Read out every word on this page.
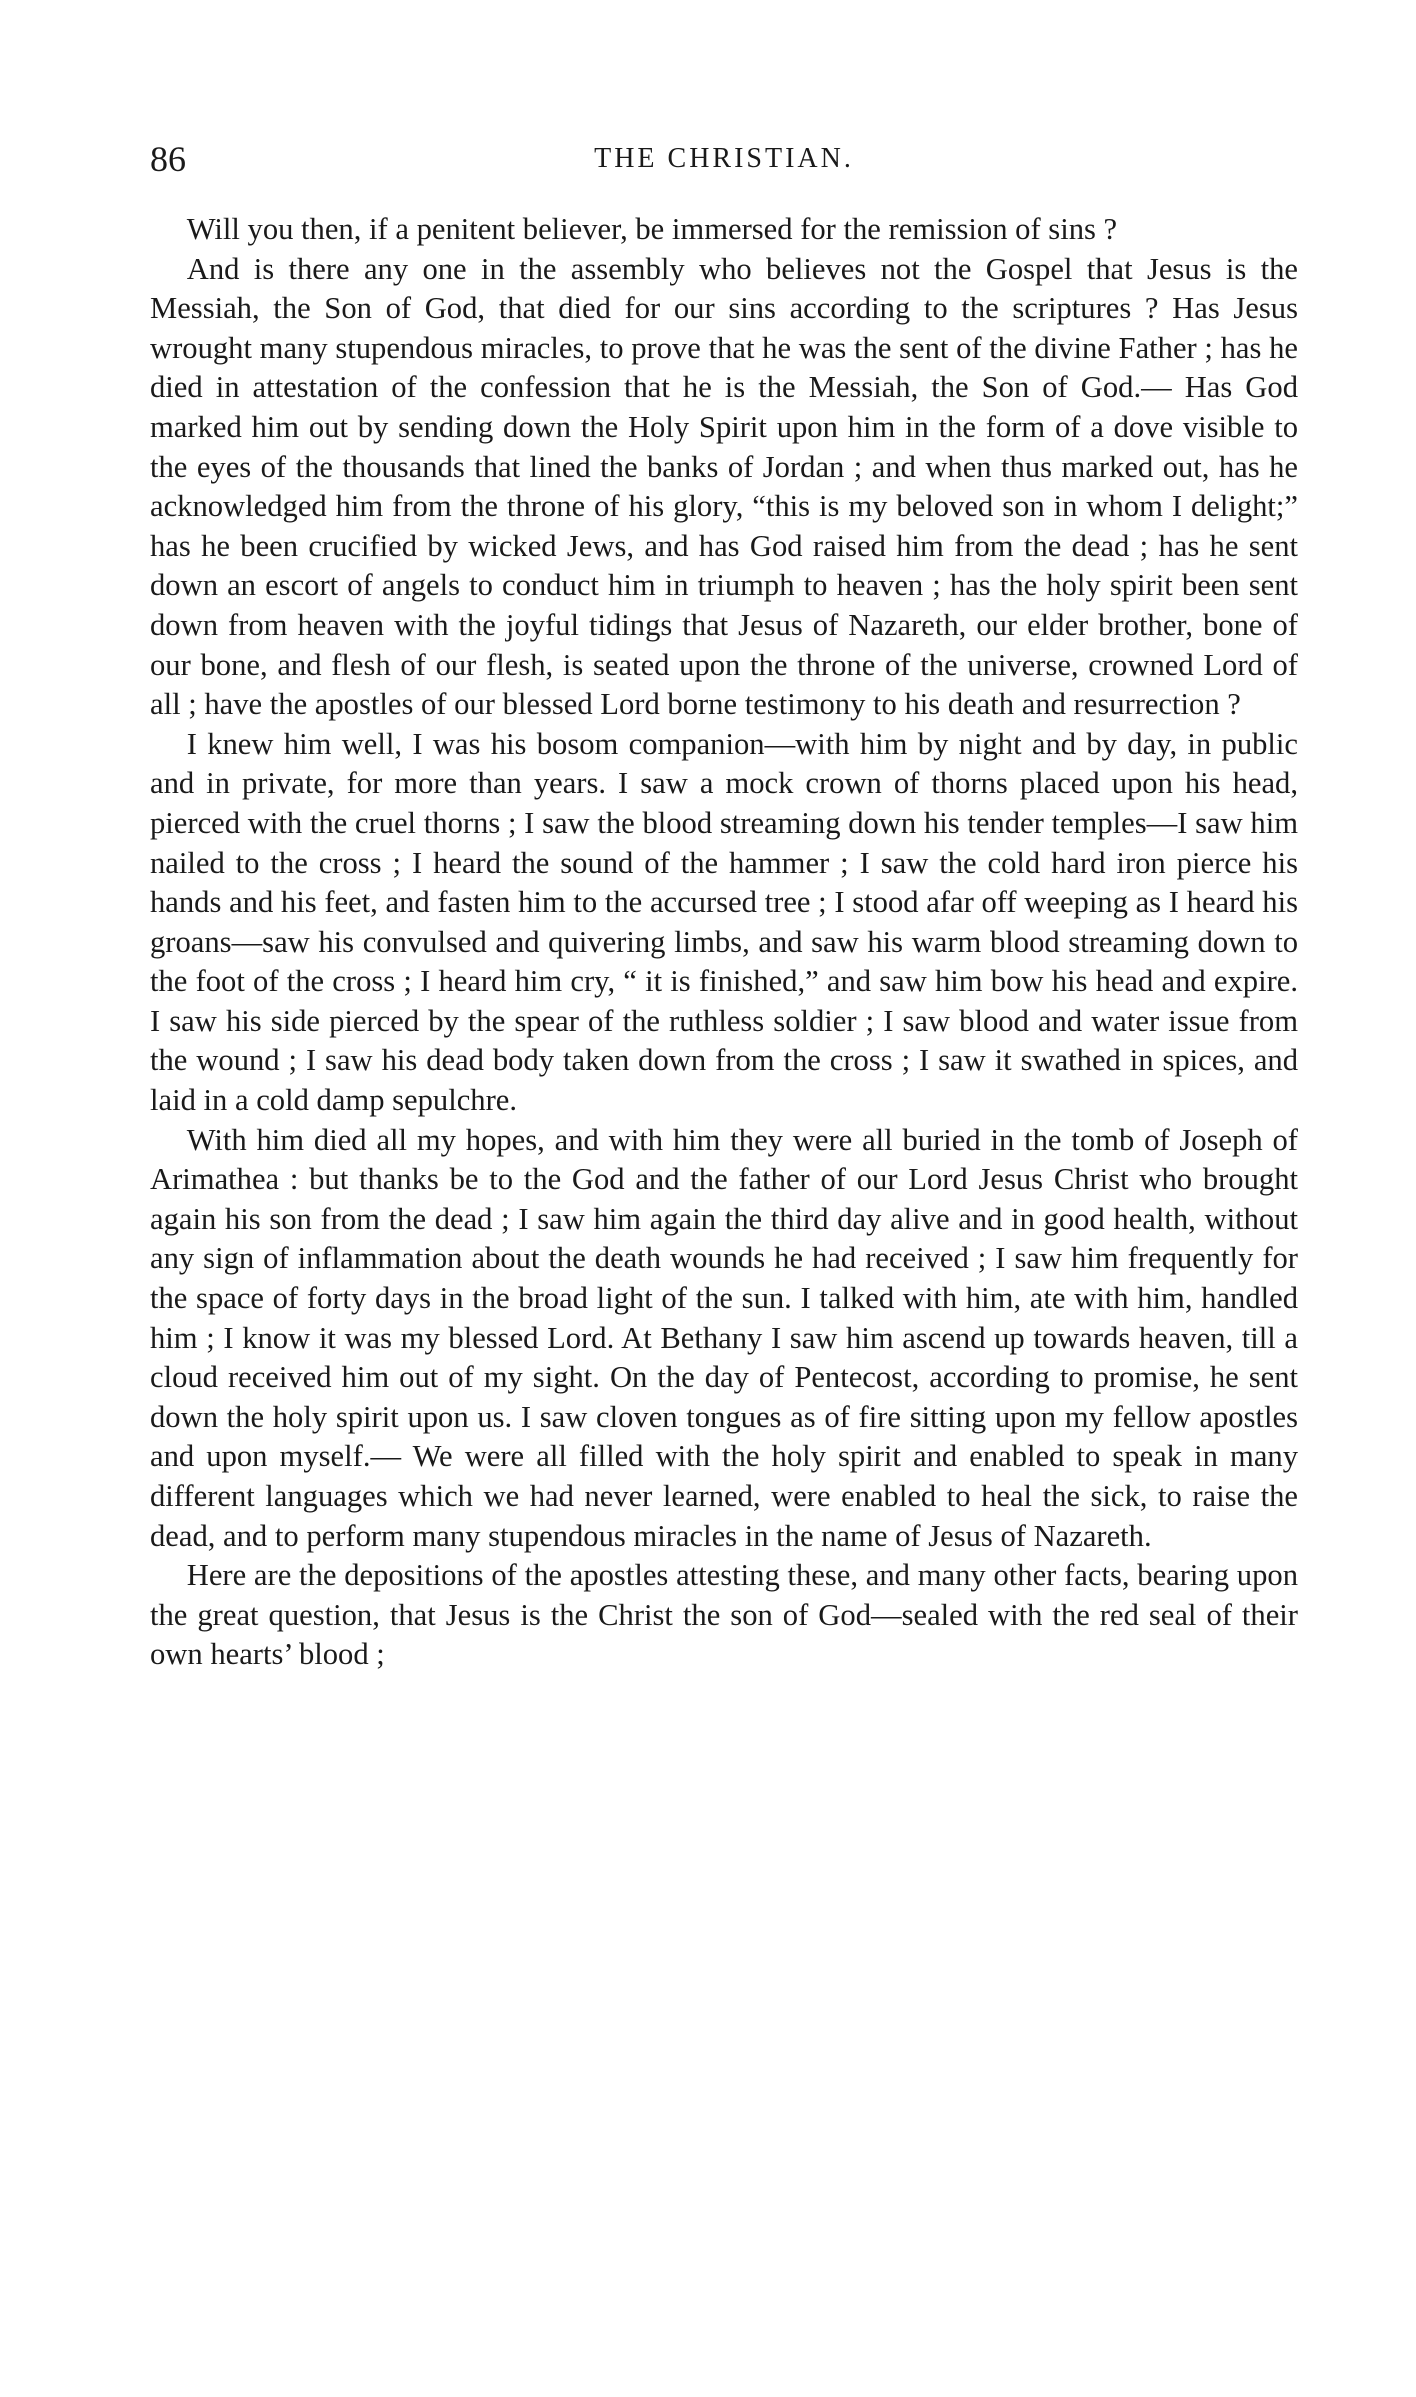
86	THE CHRISTIAN.

Will you then, if a penitent believer, be immersed for the remission of sins ?

And is there any one in the assembly who believes not the Gospel that Jesus is the Messiah, the Son of God, that died for our sins according to the scriptures ? Has Jesus wrought many stupendous miracles, to prove that he was the sent of the divine Father ; has he died in attestation of the confession that he is the Messiah, the Son of God.— Has God marked him out by sending down the Holy Spirit upon him in the form of a dove visible to the eyes of the thousands that lined the banks of Jordan ; and when thus marked out, has he acknowledged him from the throne of his glory, “this is my beloved son in whom I delight;” has he been crucified by wicked Jews, and has God raised him from the dead ; has he sent down an escort of angels to conduct him in triumph to heaven ; has the holy spirit been sent down from heaven with the joyful tidings that Jesus of Nazareth, our elder brother, bone of our bone, and flesh of our flesh, is seated upon the throne of the universe, crowned Lord of all ; have the apostles of our blessed Lord borne testimony to his death and resurrection ?

I knew him well, I was his bosom companion—with him by night and by day, in public and in private, for more than years. I saw a mock crown of thorns placed upon his head, pierced with the cruel thorns ; I saw the blood streaming down his tender temples—I saw him nailed to the cross ; I heard the sound of the hammer ; I saw the cold hard iron pierce his hands and his feet, and fasten him to the accursed tree ; I stood afar off weeping as I heard his groans—saw his convulsed and quivering limbs, and saw his warm blood streaming down to the foot of the cross ; I heard him cry, “ it is finished,” and saw him bow his head and expire. I saw his side pierced by the spear of the ruthless soldier ; I saw blood and water issue from the wound ; I saw his dead body taken down from the cross ; I saw it swathed in spices, and laid in a cold damp sepulchre.

With him died all my hopes, and with him they were all buried in the tomb of Joseph of Arimathea : but thanks be to the God and the father of our Lord Jesus Christ who brought again his son from the dead ; I saw him again the third day alive and in good health, without any sign of inflammation about the death wounds he had received ; I saw him frequently for the space of forty days in the broad light of the sun. I talked with him, ate with him, handled him ; I know it was my blessed Lord. At Bethany I saw him ascend up towards heaven, till a cloud received him out of my sight. On the day of Pentecost, according to promise, he sent down the holy spirit upon us. I saw cloven tongues as of fire sitting upon my fellow apostles and upon myself.— We were all filled with the holy spirit and enabled to speak in many different languages which we had never learned, were enabled to heal the sick, to raise the dead, and to perform many stupendous miracles in the name of Jesus of Nazareth.

Here are the depositions of the apostles attesting these, and many other facts, bearing upon the great question, that Jesus is the Christ the son of God—sealed with the red seal of their own hearts’ blood ;
